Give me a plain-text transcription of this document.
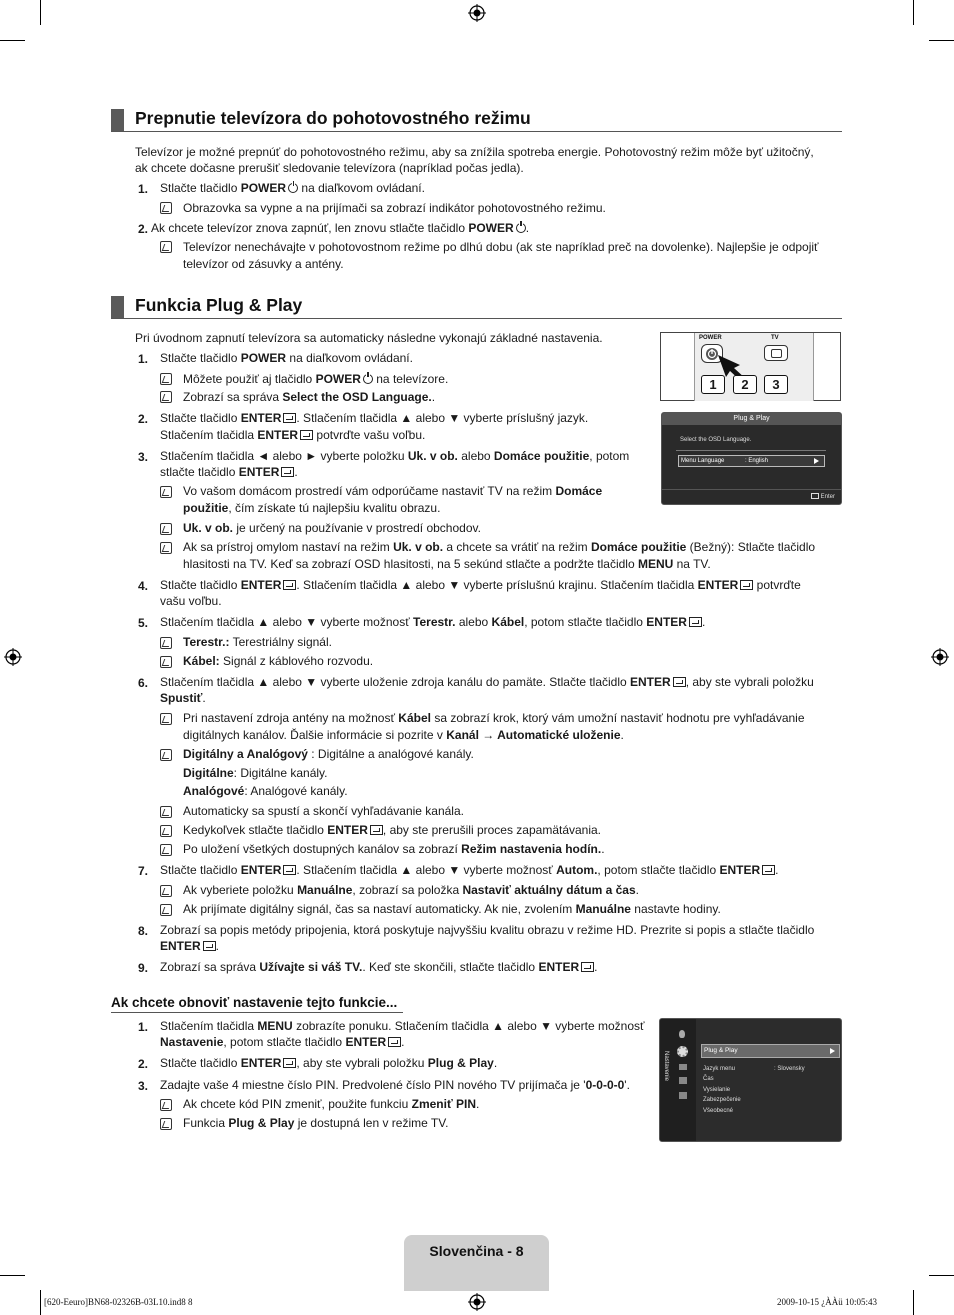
Prepnutie televízora do pohotovostného režimu
Televízor je možné prepnúť do pohotovostného režimu, aby sa znížila spotreba energie. Pohotovostný režim môže byť užitočný,
ak chcete dočasne prerušiť sledovanie televízora (napríklad počas jedla).
1. Stlačte tlačidlo POWER na diaľkovom ovládaní.
Obrazovka sa vypne a na prijímači sa zobrazí indikátor pohotovostného režimu.
2. Ak chcete televízor znova zapnúť, len znovu stlačte tlačidlo POWER .
Televízor nenechávajte v pohotovostnom režime po dlhú dobu (ak ste napríklad preč na dovolenke). Najlepšie je odpojiť
televízor od zásuvky a antény.
Funkcia Plug & Play
Pri úvodnom zapnutí televízora sa automaticky následne vykonajú základné nastavenia.
1. Stlačte tlačidlo POWER na diaľkovom ovládaní.
Môžete použiť aj tlačidlo POWER na televízore.
Zobrazí sa správa Select the OSD Language..
2. Stlačte tlačidlo ENTER . Stlačením tlačidla ▲ alebo ▼ vyberte príslušný jazyk.
Stlačením tlačidla ENTER potvrďte vašu voľbu.
3. Stlačením tlačidla ◄ alebo ► vyberte položku Uk. v ob. alebo Domáce použitie, potom
stlačte tlačidlo ENTER .
Vo vašom domácom prostredí vám odporúčame nastaviť TV na režim Domáce
použitie, čím získate tú najlepšiu kvalitu obrazu.
Uk. v ob. je určený na používanie v prostredí obchodov.
Ak sa prístroj omylom nastaví na režim Uk. v ob. a chcete sa vrátiť na režim Domáce použitie (Bežný): Stlačte tlačidlo
hlasitosti na TV. Keď sa zobrazí OSD hlasitosti, na 5 sekúnd stlačte a podržte tlačidlo MENU na TV.
4. Stlačte tlačidlo ENTER . Stlačením tlačidla ▲ alebo ▼ vyberte príslušnú krajinu. Stlačením tlačidla ENTER potvrďte
vašu voľbu.
5. Stlačením tlačidla ▲ alebo ▼ vyberte možnosť Terestr. alebo Kábel, potom stlačte tlačidlo ENTER .
Terestr.: Terestriálny signál.
Kábel: Signál z káblového rozvodu.
6. Stlačením tlačidla ▲ alebo ▼ vyberte uloženie zdroja kanálu do pamäte. Stlačte tlačidlo ENTER , aby ste vybrali položku
Spustiť.
Pri nastavení zdroja antény na možnosť Kábel sa zobrazí krok, ktorý vám umožní nastaviť hodnotu pre vyhľadávanie
digitálnych kanálov. Ďalšie informácie si pozrite v Kanál → Automatické uloženie.
Digitálny a Analógový : Digitálne a analógové kanály.
Digitálne: Digitálne kanály.
Analógové: Analógové kanály.
Automaticky sa spustí a skončí vyhľadávanie kanála.
Kedykoľvek stlačte tlačidlo ENTER , aby ste prerušili proces zapamätávania.
Po uložení všetkých dostupných kanálov sa zobrazí Režim nastavenia hodín..
7. Stlačte tlačidlo ENTER . Stlačením tlačidla ▲ alebo ▼ vyberte možnosť Autom., potom stlačte tlačidlo ENTER .
Ak vyberiete položku Manuálne, zobrazí sa položka Nastaviť aktuálny dátum a čas.
Ak prijímate digitálny signál, čas sa nastaví automaticky. Ak nie, zvolením Manuálne nastavte hodiny.
8. Zobrazí sa popis metódy pripojenia, ktorá poskytuje najvyššiu kvalitu obrazu v režime HD. Prezrite si popis a stlačte tlačidlo
ENTER .
9. Zobrazí sa správa Užívajte si váš TV.. Keď ste skončili, stlačte tlačidlo ENTER .
POWER	TV
1	2	3
Plug & Play
Select the OSD Language.
Menu Language	: English
Enter
Ak chcete obnoviť nastavenie tejto funkcie...
1. Stlačením tlačidla MENU zobrazíte ponuku. Stlačením tlačidla ▲ alebo ▼ vyberte možnosť
Nastavenie, potom stlačte tlačidlo ENTER .
2. Stlačte tlačidlo ENTER , aby ste vybrali položku Plug & Play.
3. Zadajte vaše 4 miestne číslo PIN. Predvolené číslo PIN nového TV prijímača je '0-0-0-0'.
Ak chcete kód PIN zmeniť, použite funkciu Zmeniť PIN.
Funkcia Plug & Play je dostupná len v režime TV.
Nastavenie
Plug & Play
Jazyk menu	: Slovensky
Čas
Vysielanie
Zabezpečenie
Všeobecné
Slovenčina - 8
[620-Eeuro]BN68-02326B-03L10.ind8 8	2009-10-15 ¿ÀÀü 10:05:43
